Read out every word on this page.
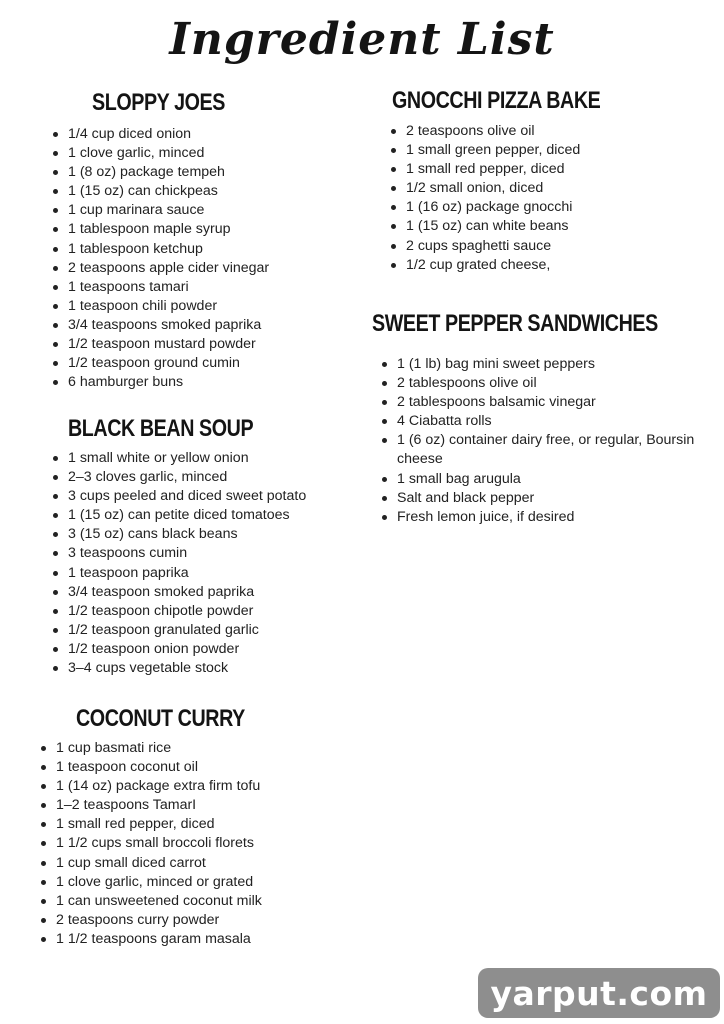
Ingredient List
SLOPPY JOES
1/4 cup diced onion
1 clove garlic, minced
1 (8 oz) package tempeh
1 (15 oz) can chickpeas
1 cup marinara sauce
1 tablespoon maple syrup
1 tablespoon ketchup
2 teaspoons apple cider vinegar
1 teaspoons tamari
1 teaspoon chili powder
3/4 teaspoons smoked paprika
1/2 teaspoon mustard powder
1/2 teaspoon ground cumin
6 hamburger buns
BLACK BEAN SOUP
1 small white or yellow onion
2–3 cloves garlic, minced
3 cups peeled and diced sweet potato
1 (15 oz) can petite diced tomatoes
3 (15 oz) cans black beans
3 teaspoons cumin
1 teaspoon paprika
3/4 teaspoon smoked paprika
1/2 teaspoon chipotle powder
1/2 teaspoon granulated garlic
1/2 teaspoon onion powder
3–4 cups vegetable stock
COCONUT CURRY
1 cup basmati rice
1 teaspoon coconut oil
1 (14 oz) package extra firm tofu
1–2 teaspoons TamarI
1 small red pepper, diced
1 1/2 cups small broccoli florets
1 cup small diced carrot
1 clove garlic, minced or grated
1 can unsweetened coconut milk
2 teaspoons curry powder
1 1/2 teaspoons garam masala
GNOCCHI PIZZA BAKE
2 teaspoons olive oil
1 small green pepper, diced
1 small red pepper, diced
1/2 small onion, diced
1 (16 oz) package gnocchi
1 (15 oz) can white beans
2 cups spaghetti sauce
1/2 cup grated cheese,
SWEET PEPPER SANDWICHES
1 (1 lb) bag mini sweet peppers
2 tablespoons olive oil
2 tablespoons balsamic vinegar
4 Ciabatta rolls
1 (6 oz) container dairy free, or regular, Boursin cheese
1 small bag arugula
Salt and black pepper
Fresh lemon juice, if desired
yarput.com
